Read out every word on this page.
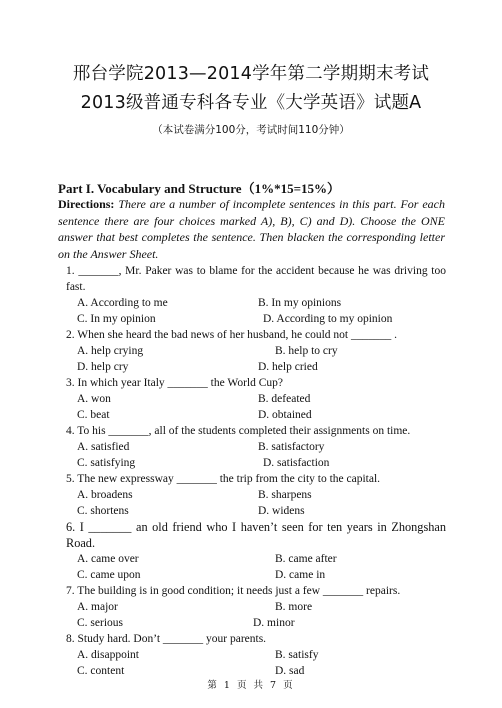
邢台学院2013—2014学年第二学期期末考试
2013级普通专科各专业《大学英语》试题A
（本试卷满分100分，考试时间110分钟）
Part I. Vocabulary and Structure（1%*15=15%）
Directions: There are a number of incomplete sentences in this part. For each sentence there are four choices marked A), B), C) and D). Choose the ONE answer that best completes the sentence. Then blacken the corresponding letter on the Answer Sheet.
1. _______, Mr. Paker was to blame for the accident because he was driving too fast.
A. According to me	B. In my opinions
C. In my opinion	D. According to my opinion
2. When she heard the bad news of her husband, he could not _______ .
A. help crying	B. help to cry
D. help cry	D. help cried
3. In which year Italy _______ the World Cup?
A. won	B. defeated
C. beat	D. obtained
4. To his _______, all of the students completed their assignments on time.
A. satisfied	B. satisfactory
C. satisfying	D. satisfaction
5. The new expressway _______ the trip from the city to the capital.
A. broadens	B. sharpens
C. shortens	D. widens
6. I _______ an old friend who I haven’t seen for ten years in Zhongshan Road.
A. came over	B. came after
C. came upon	D. came in
7. The building is in good condition; it needs just a few _______ repairs.
A. major	B. more
C. serious	D. minor
8. Study hard. Don’t _______ your parents.
A. disappoint	B. satisfy
C. content	D. sad
第 1 页 共 7 页
